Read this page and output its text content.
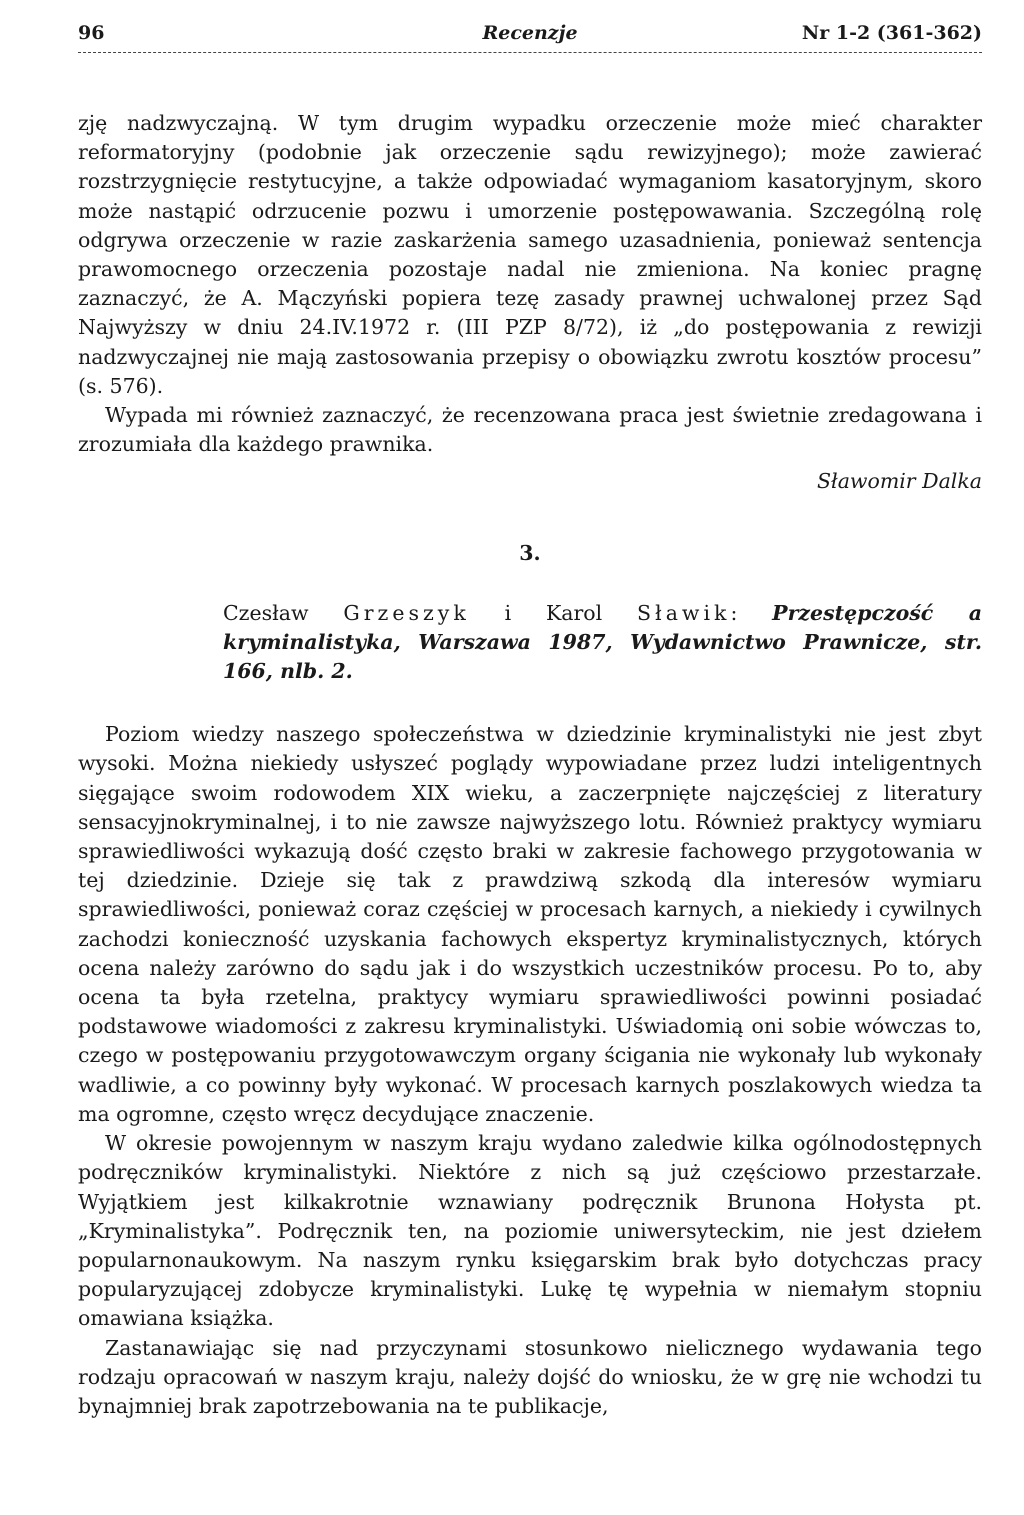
96	Recenzje	Nr 1-2 (361-362)

zję nadzwyczajną. W tym drugim wypadku orzeczenie może mieć charakter reformatoryjny (podobnie jak orzeczenie sądu rewizyjnego); może zawierać rozstrzygnięcie restytucyjne, a także odpowiadać wymaganiom kasatoryjnym, skoro może nastąpić odrzucenie pozwu i umorzenie postępowawania. Szczególną rolę odgrywa orzeczenie w razie zaskarżenia samego uzasadnienia, ponieważ sentencja prawomocnego orzeczenia pozostaje nadal nie zmieniona. Na koniec pragnę zaznaczyć, że A. Mączyński popiera tezę zasady prawnej uchwalonej przez Sąd Najwyższy w dniu 24.IV.1972 r. (III PZP 8/72), iż „do postępowania z rewizji nadzwyczajnej nie mają zastosowania przepisy o obowiązku zwrotu kosztów procesu” (s. 576).

Wypada mi również zaznaczyć, że recenzowana praca jest świetnie zredagowana i zrozumiała dla każdego prawnika.

Sławomir Dalka
3.
Czesław Grzeszyk i Karol Sławik: Przestępczość a kryminalistyka, Warszawa 1987, Wydawnictwo Prawnicze, str. 166, nlb. 2.

Poziom wiedzy naszego społeczeństwa w dziedzinie kryminalistyki nie jest zbyt wysoki. Można niekiedy usłyszeć poglądy wypowiadane przez ludzi inteligentnych sięgające swoim rodowodem XIX wieku, a zaczerpnięte najczęściej z literatury sensacyjnokryminalnej, i to nie zawsze najwyższego lotu. Również praktycy wymiaru sprawiedliwości wykazują dość często braki w zakresie fachowego przygotowania w tej dziedzinie. Dzieje się tak z prawdziwą szkodą dla interesów wymiaru sprawiedliwości, ponieważ coraz częściej w procesach karnych, a niekiedy i cywilnych zachodzi konieczność uzyskania fachowych ekspertyz kryminalistycznych, których ocena należy zarówno do sądu jak i do wszystkich uczestników procesu. Po to, aby ocena ta była rzetelna, praktycy wymiaru sprawiedliwości powinni posiadać podstawowe wiadomości z zakresu kryminalistyki. Uświadomią oni sobie wówczas to, czego w postępowaniu przygotowawczym organy ścigania nie wykonały lub wykonały wadliwie, a co powinny były wykonać. W procesach karnych poszlakowych wiedza ta ma ogromne, często wręcz decydujące znaczenie.

W okresie powojennym w naszym kraju wydano zaledwie kilka ogólnodostępnych podręczników kryminalistyki. Niektóre z nich są już częściowo przestarzałe. Wyjątkiem jest kilkakrotnie wznawiany podręcznik Brunona Hołysta pt. „Kryminalistyka”. Podręcznik ten, na poziomie uniwersyteckim, nie jest dziełem popularnonaukowym. Na naszym rynku księgarskim brak było dotychczas pracy popularyzującej zdobycze kryminalistyki. Lukę tę wypełnia w niemałym stopniu omawiana książka.

Zastanawiając się nad przyczynami stosunkowo nielicznego wydawania tego rodzaju opracowań w naszym kraju, należy dojść do wniosku, że w grę nie wchodzi tu bynajmniej brak zapotrzebowania na te publikacje,
